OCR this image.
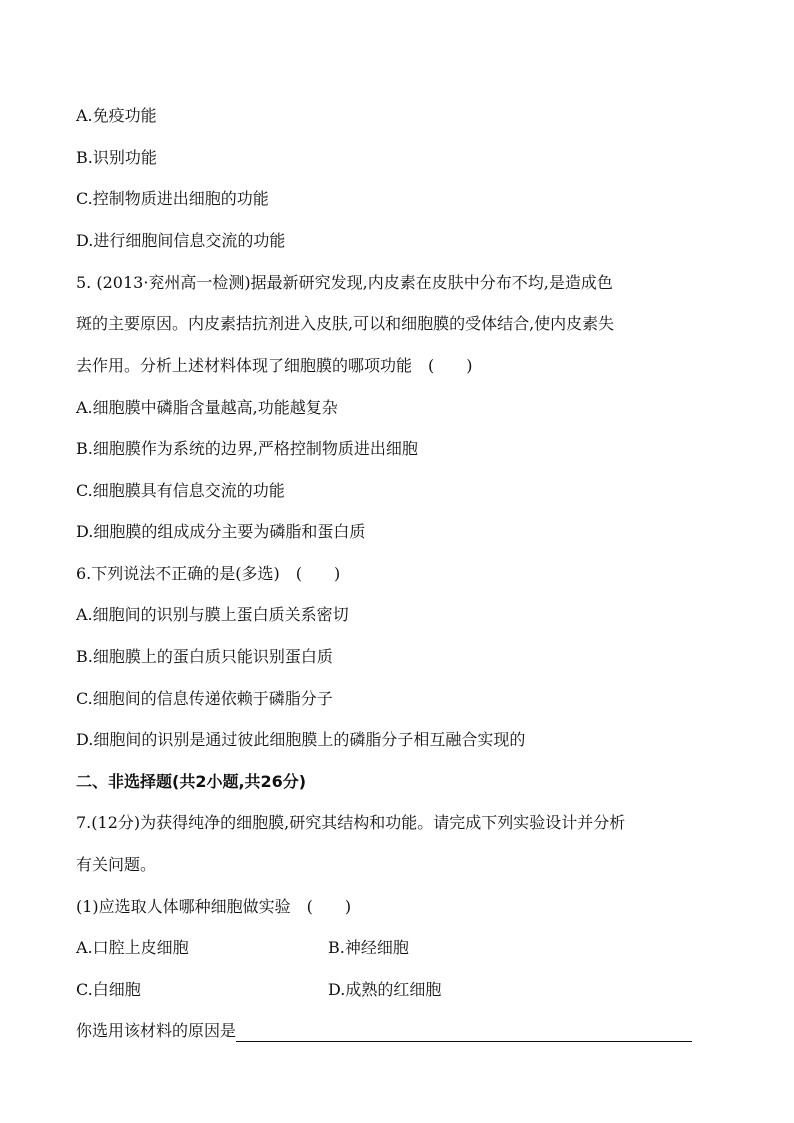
A.免疫功能
B.识别功能
C.控制物质进出细胞的功能
D.进行细胞间信息交流的功能
5. (2013·兖州高一检测)据最新研究发现,内皮素在皮肤中分布不均,是造成色
斑的主要原因。内皮素拮抗剂进入皮肤,可以和细胞膜的受体结合,使内皮素失
去作用。分析上述材料体现了细胞膜的哪项功能　(　　)
A.细胞膜中磷脂含量越高,功能越复杂
B.细胞膜作为系统的边界,严格控制物质进出细胞
C.细胞膜具有信息交流的功能
D.细胞膜的组成成分主要为磷脂和蛋白质
6.下列说法不正确的是(多选)　(　　)
A.细胞间的识别与膜上蛋白质关系密切
B.细胞膜上的蛋白质只能识别蛋白质
C.细胞间的信息传递依赖于磷脂分子
D.细胞间的识别是通过彼此细胞膜上的磷脂分子相互融合实现的
二、非选择题(共2小题,共26分)
7.(12分)为获得纯净的细胞膜,研究其结构和功能。请完成下列实验设计并分析
有关问题。
(1)应选取人体哪种细胞做实验　(　　)
A.口腔上皮细胞	B.神经细胞
C.白细胞	D.成熟的红细胞
你选用该材料的原因是
